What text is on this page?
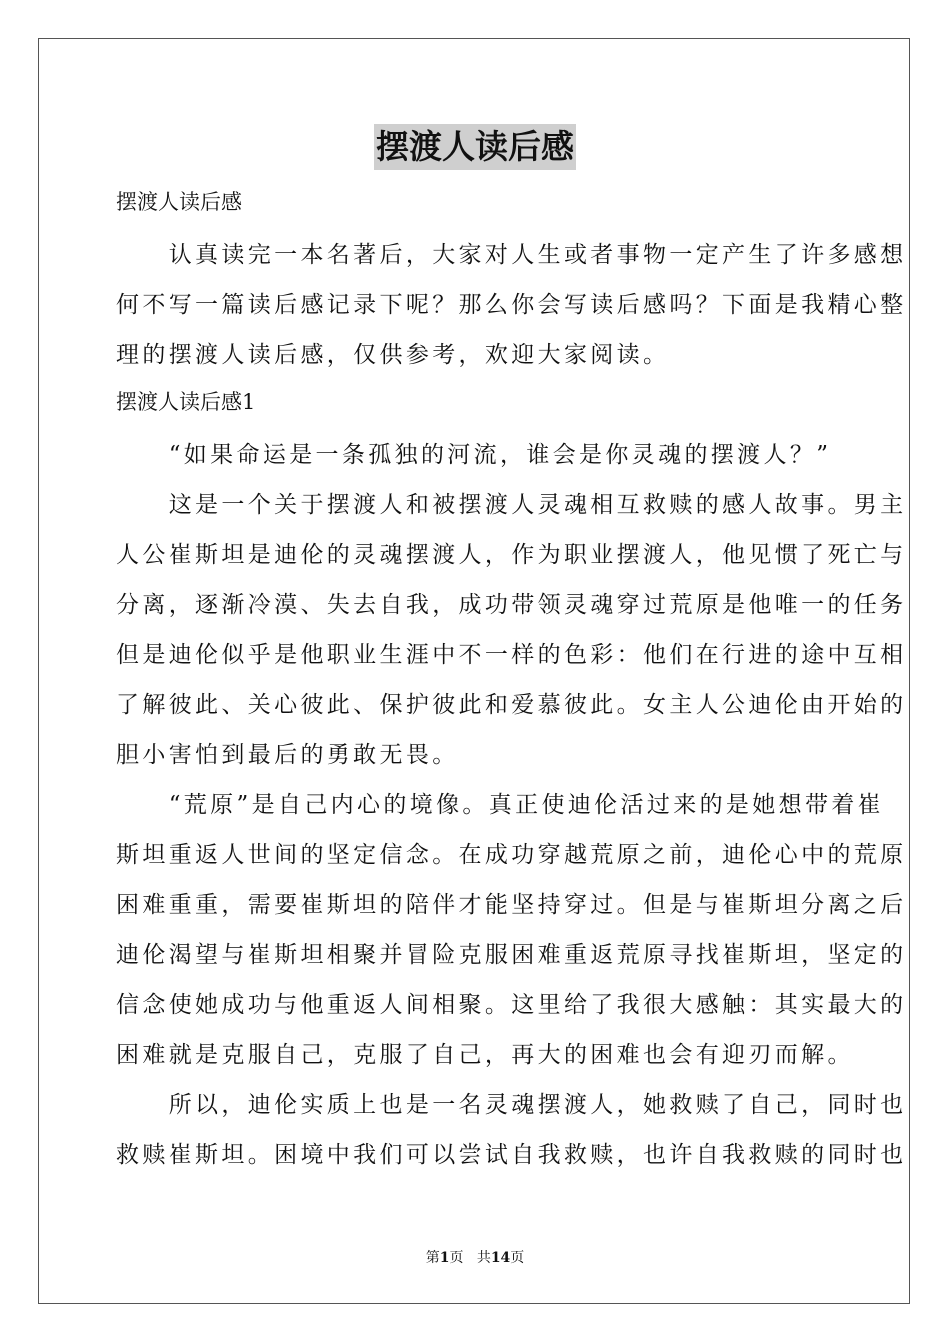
摆渡人读后感
摆渡人读后感
　　认真读完一本名著后，大家对人生或者事物一定产生了许多感想
何不写一篇读后感记录下呢？那么你会写读后感吗？下面是我精心整
理的摆渡人读后感，仅供参考，欢迎大家阅读。
摆渡人读后感1
　　“如果命运是一条孤独的河流，谁会是你灵魂的摆渡人？”
　　这是一个关于摆渡人和被摆渡人灵魂相互救赎的感人故事。男主
人公崔斯坦是迪伦的灵魂摆渡人，作为职业摆渡人，他见惯了死亡与
分离，逐渐冷漠、失去自我，成功带领灵魂穿过荒原是他唯一的任务
但是迪伦似乎是他职业生涯中不一样的色彩：他们在行进的途中互相
了解彼此、关心彼此、保护彼此和爱慕彼此。女主人公迪伦由开始的
胆小害怕到最后的勇敢无畏。
　　“荒原”是自己内心的境像。真正使迪伦活过来的是她想带着崔
斯坦重返人世间的坚定信念。在成功穿越荒原之前，迪伦心中的荒原
困难重重，需要崔斯坦的陪伴才能坚持穿过。但是与崔斯坦分离之后
迪伦渴望与崔斯坦相聚并冒险克服困难重返荒原寻找崔斯坦，坚定的
信念使她成功与他重返人间相聚。这里给了我很大感触：其实最大的
困难就是克服自己，克服了自己，再大的困难也会有迎刃而解。
　　所以，迪伦实质上也是一名灵魂摆渡人，她救赎了自己，同时也
救赎崔斯坦。困境中我们可以尝试自我救赎，也许自我救赎的同时也
第1页 共14页
